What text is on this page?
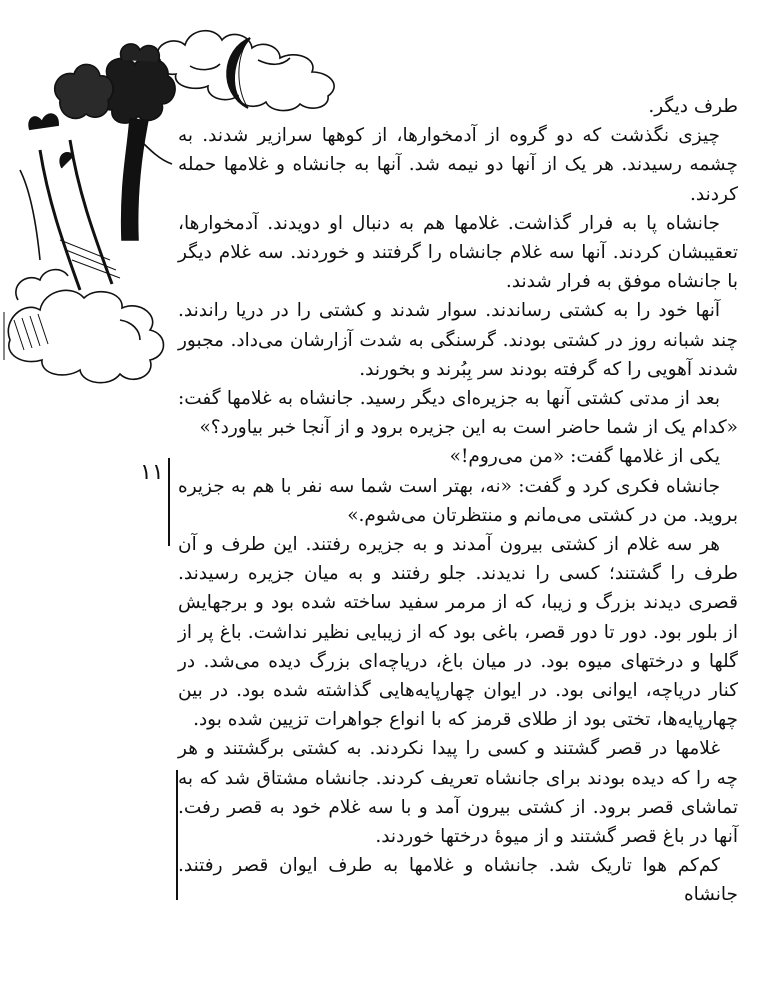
۱۱

طرف دیگر.

چیزی نگذشت که دو گروه از آدمخوارها، از کوهها سرازیر شدند. به چشمه رسیدند. هر یک از آنها دو نیمه شد. آنها به جانشاه و غلامها حمله کردند.

جانشاه پا به فرار گذاشت. غلامها هم به دنبال او دویدند. آدمخوارها، تعقیبشان کردند. آنها سه غلام جانشاه را گرفتند و خوردند. سه غلام دیگر با جانشاه موفق به فرار شدند.

آنها خود را به کشتی رساندند. سوار شدند و کشتی را در دریا راندند. چند شبانه روز در کشتی بودند. گرسنگی به شدت آزارشان می‌داد. مجبور شدند آهویی را که گرفته بودند سر بِبُرند و بخورند.

بعد از مدتی کشتی آنها به جزیره‌ای دیگر رسید. جانشاه به غلامها گفت: «کدام یک از شما حاضر است به این جزیره برود و از آنجا خبر بیاورد؟»

یکی از غلامها گفت: «من می‌روم!»

جانشاه فکری کرد و گفت: «نه، بهتر است شما سه نفر با هم به جزیره بروید. من در کشتی می‌مانم و منتظرتان می‌شوم.»

هر سه غلام از کشتی بیرون آمدند و به جزیره رفتند. این طرف و آن طرف را گشتند؛ کسی را ندیدند. جلو رفتند و به میان جزیره رسیدند. قصری دیدند بزرگ و زیبا، که از مرمر سفید ساخته شده بود و برجهایش از بلور بود. دور تا دور قصر، باغی بود که از زیبایی نظیر نداشت. باغ پر از گلها و درختهای میوه بود. در میان باغ، دریاچه‌ای بزرگ دیده می‌شد. در کنار دریاچه، ایوانی بود. در ایوان چهارپایه‌هایی گذاشته شده بود. در بین چهارپایه‌ها، تختی بود از طلای قرمز که با انواع جواهرات تزیین شده بود.

غلامها در قصر گشتند و کسی را پیدا نکردند. به کشتی برگشتند و هر چه را که دیده بودند برای جانشاه تعریف کردند. جانشاه مشتاق شد که به تماشای قصر برود. از کشتی بیرون آمد و با سه غلام خود به قصر رفت. آنها در باغ قصر گشتند و از میوهٔ درختها خوردند.

کم‌کم هوا تاریک شد. جانشاه و غلامها به طرف ایوان قصر رفتند. جانشاه
